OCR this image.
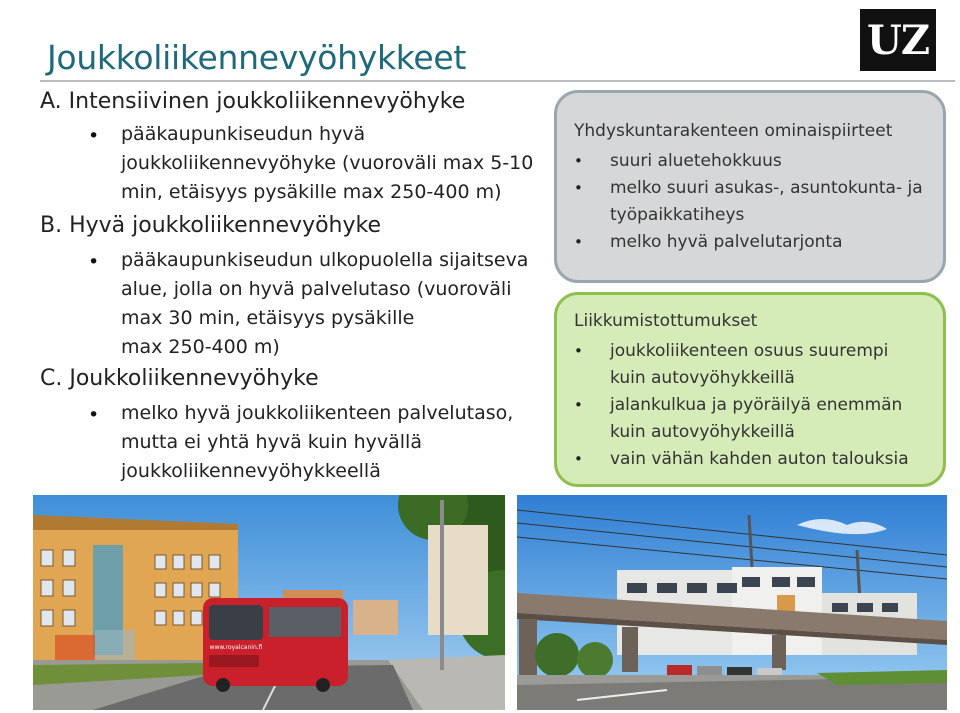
Joukkoliikennevyöhykkeet	UZ
A. Intensiivinen joukkoliikennevyöhyke
• pääkaupunkiseudun hyvä
joukkoliikennevyöhyke (vuoroväli max 5-10
min, etäisyys pysäkille max 250-400 m)
B. Hyvä joukkoliikennevyöhyke
• pääkaupunkiseudun ulkopuolella sijaitseva
alue, jolla on hyvä palvelutaso (vuoroväli
max 30 min, etäisyys pysäkille
max 250-400 m)
C. Joukkoliikennevyöhyke
• melko hyvä joukkoliikenteen palvelutaso,
mutta ei yhtä hyvä kuin hyvällä
joukkoliikennevyöhykkeellä
Yhdyskuntarakenteen ominaispiirteet
• suuri aluetehokkuus
• melko suuri asukas-, asuntokunta- ja
työpaikkatiheys
• melko hyvä palvelutarjonta
Liikkumistottumukset
• joukkoliikenteen osuus suurempi
kuin autovyöhykkeillä
• jalankulkua ja pyöräilyä enemmän
kuin autovyöhykkeillä
• vain vähän kahden auton talouksia
www.royalcanin.fi
